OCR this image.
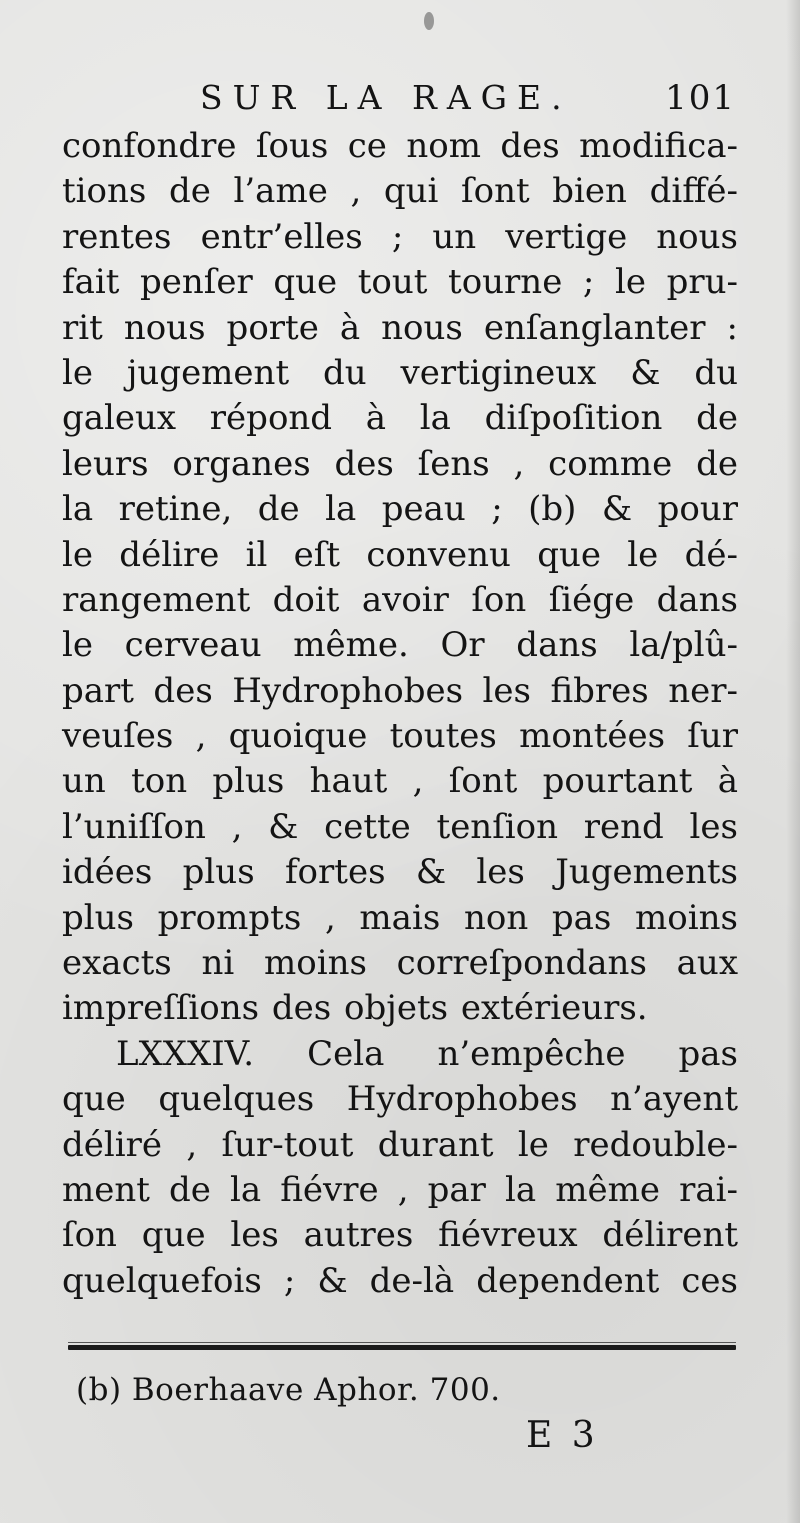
SUR LA RAGE.	101
confondre ſous ce nom des modifica-
tions de l’ame , qui ſont bien diffé-
rentes entr’elles ; un vertige nous
fait penſer que tout tourne ; le pru-
rit nous porte à nous enſanglanter :
le jugement du vertigineux & du
galeux répond à la diſpoſition de
leurs organes des ſens , comme de
la retine, de la peau ; (b) & pour
le délire il eſt convenu que le dé-
rangement doit avoir ſon ſiége dans
le cerveau même. Or dans la/plû-
part des Hydrophobes les fibres ner-
veuſes , quoique toutes montées ſur
un ton plus haut , ſont pourtant à
l’uniſſon , & cette tenſion rend les
idées plus fortes & les Jugements
plus prompts , mais non pas moins
exacts ni moins correſpondans aux
impreſſions des objets extérieurs.
LXXXIV. Cela n’empêche pas
que quelques Hydrophobes n’ayent
déliré , ſur-tout durant le redouble-
ment de la fiévre , par la même rai-
ſon que les autres fiévreux délirent
quelquefois ; & de-là dependent ces
(b) Boerhaave Aphor. 700.
E 3
